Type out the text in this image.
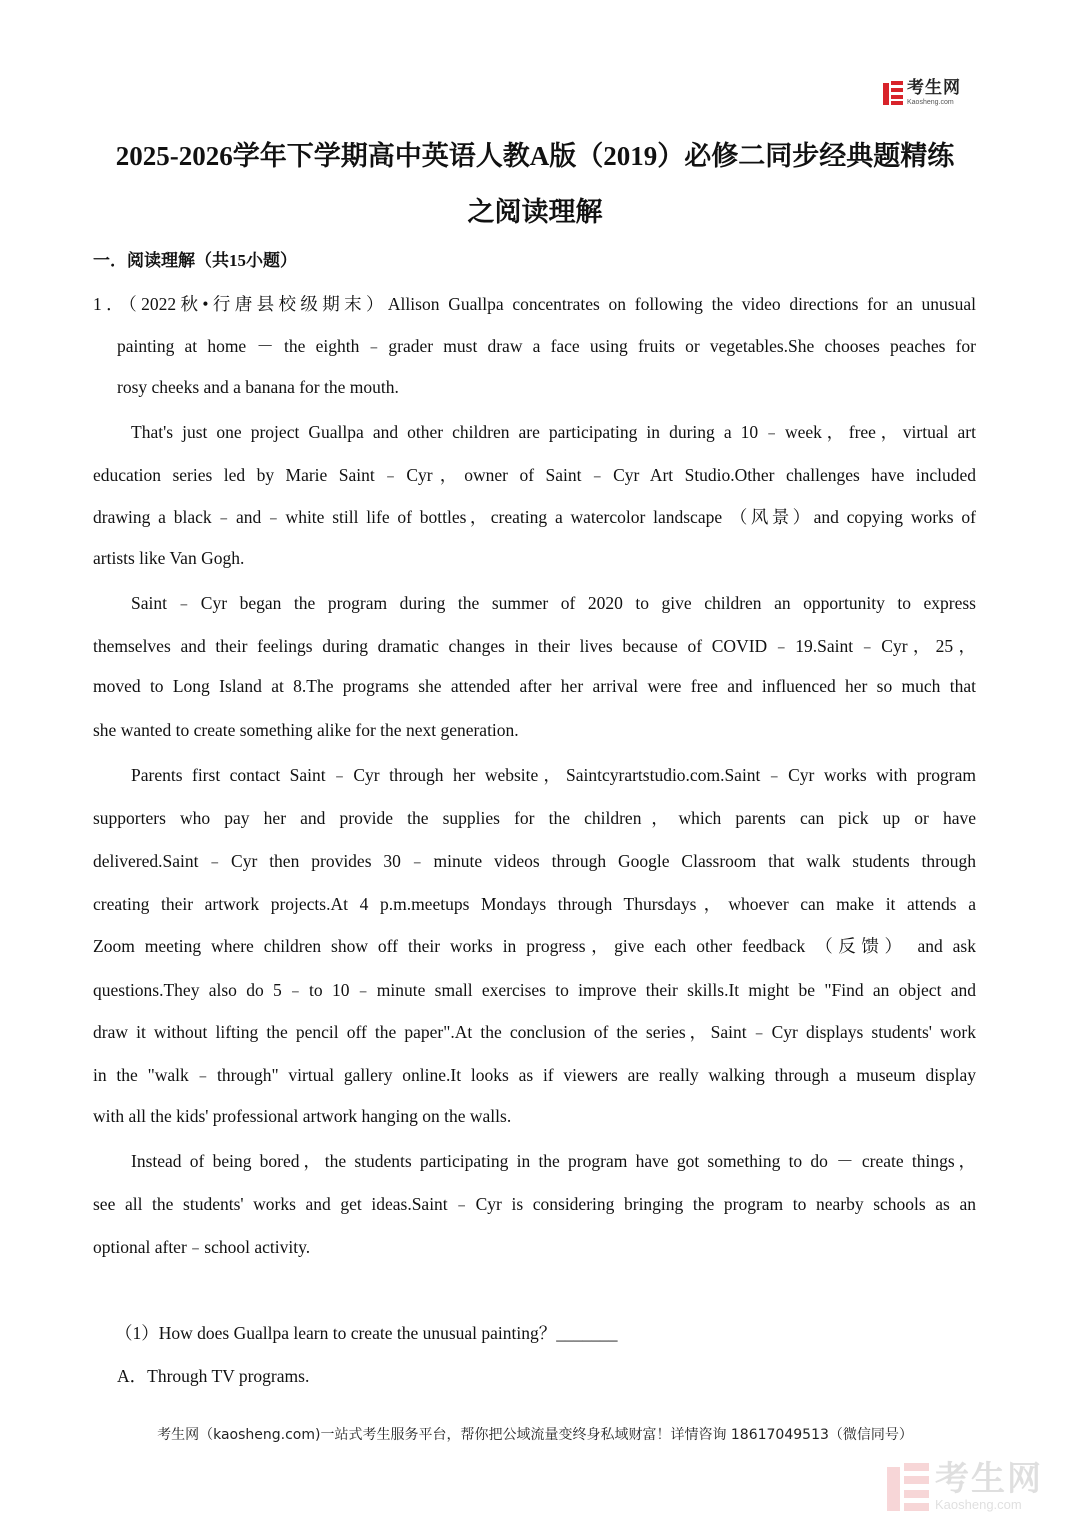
考生网
Kaosheng.com
2025-2026学年下学期高中英语人教A版（2019）必修二同步经典题精练
之阅读理解
一．阅读理解（共15小题）
1．（2022秋•行唐县校级期末）Allison Guallpa concentrates on following the video directions for an unusual
painting at home － the eighth﹣grader must draw a face using fruits or vegetables.She chooses peaches for
rosy cheeks and a banana for the mouth.
That's just one project Guallpa and other children are participating in during a 10﹣week，free，virtual art
education series led by Marie Saint﹣Cyr，owner of Saint﹣Cyr Art Studio.Other challenges have included
drawing a black﹣and﹣white still life of bottles，creating a watercolor landscape （风景）and copying works of
artists like Van Gogh.
Saint﹣Cyr began the program during the summer of 2020 to give children an opportunity to express
themselves and their feelings during dramatic changes in their lives because of COVID﹣19.Saint﹣Cyr，25，
moved to Long Island at 8.The programs she attended after her arrival were free and influenced her so much that
she wanted to create something alike for the next generation.
Parents first contact Saint﹣Cyr through her website，Saintcyrartstudio.com.Saint﹣Cyr works with program
supporters who pay her and provide the supplies for the children，which parents can pick up or have
delivered.Saint﹣Cyr then provides 30﹣minute videos through Google Classroom that walk students through
creating their artwork projects.At 4 p.m.meetups Mondays through Thursdays，whoever can make it attends a
Zoom meeting where children show off their works in progress，give each other feedback （反馈） and ask
questions.They also do 5﹣to 10﹣minute small exercises to improve their skills.It might be "Find an object and
draw it without lifting the pencil off the paper".At the conclusion of the series，Saint﹣Cyr displays students' work
in the "walk﹣through" virtual gallery online.It looks as if viewers are really walking through a museum display
with all the kids' professional artwork hanging on the walls.
Instead of being bored，the students participating in the program have got something to do － create things，
see all the students' works and get ideas.Saint﹣Cyr is considering bringing the program to nearby schools as an
optional after﹣school activity.
（1）How does Guallpa learn to create the unusual painting？_______
A．Through TV programs.
考生网（kaosheng.com)一站式考生服务平台，帮你把公域流量变终身私域财富！详情咨询 18617049513（微信同号）
考生网
Kaosheng.com
